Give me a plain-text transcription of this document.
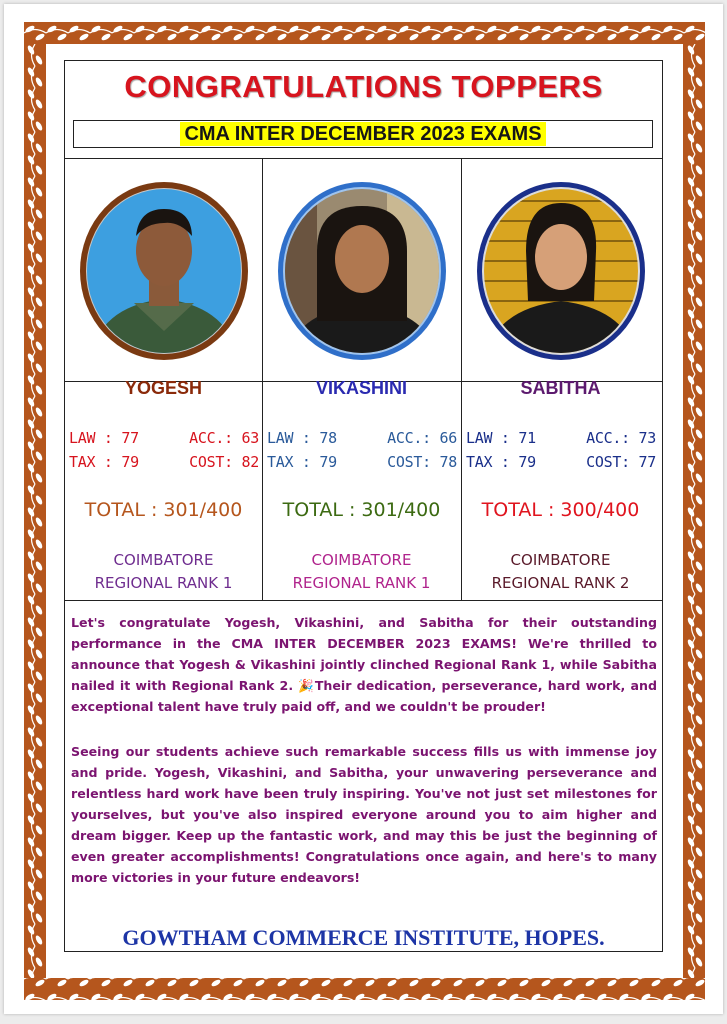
CONGRATULATIONS TOPPERS
CMA INTER DECEMBER 2023 EXAMS
YOGESH
LAW : 77	ACC.: 63
TAX : 79	COST: 82
TOTAL : 301/400
COIMBATORE
REGIONAL RANK 1
VIKASHINI
LAW : 78	ACC.: 66
TAX : 79	COST: 78
TOTAL : 301/400
COIMBATORE
REGIONAL RANK 1
SABITHA
LAW : 71	ACC.: 73
TAX : 79	COST: 77
TOTAL : 300/400
COIMBATORE
REGIONAL RANK 2
Let's congratulate Yogesh, Vikashini, and Sabitha for their outstanding performance in the CMA INTER DECEMBER 2023 EXAMS! We're thrilled to announce that Yogesh & Vikashini jointly clinched Regional Rank 1, while Sabitha nailed it with Regional Rank 2. 🎉Their dedication, perseverance, hard work, and exceptional talent have truly paid off, and we couldn't be prouder!
Seeing our students achieve such remarkable success fills us with immense joy and pride. Yogesh, Vikashini, and Sabitha, your unwavering perseverance and relentless hard work have been truly inspiring. You've not just set milestones for yourselves, but you've also inspired everyone around you to aim higher and dream bigger. Keep up the fantastic work, and may this be just the beginning of even greater accomplishments! Congratulations once again, and here's to many more victories in your future endeavors!
GOWTHAM COMMERCE INSTITUTE, HOPES.
